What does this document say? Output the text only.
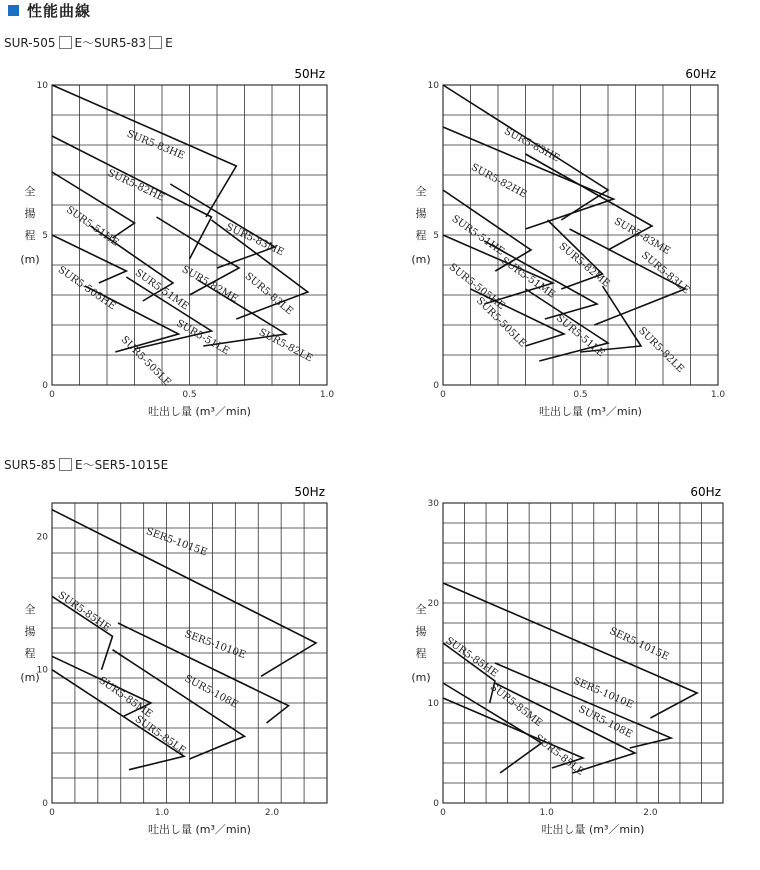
性能曲線
SUR-505 E～SUR5-83 E
SUR5-85 E～SER5-1015E
50Hz
0	0.5	1.0
0
5
10
全
揚
程
(m)
吐出し量 (m³／min)
SUR5-83HE
SUR5-82HE
SUR5-51HE
SUR5-505HE
SUR5-83ME
SUR5-82ME
SUR5-51ME	SUR5-83LE
SUR5-82LE
SUR5-51LE
SUR5-505LE
60Hz
0	0.5	1.0
0
5
10
全
揚
程
(m)
吐出し量 (m³／min)
SUR5-83HE
SUR5-82HE
SUR5-51HE
SUR5-505HE
SUR5-83ME
SUR5-82ME
SUR5-51ME	SUR5-83LE
SUR5-82LE
SUR5-51LE
SUR5-505LE
50Hz
0	1.0	2.0
0
10
20
全
揚
程
(m)
吐出し量 (m³／min)
SER5-1015E
SUR5-85HE
SER5-1010E
SUR5-108E
SUR5-85ME
SUR5-85LE
60Hz
0	1.0	2.0
0
10
20
30
全
揚
程
(m)
吐出し量 (m³／min)
SER5-1015E
SUR5-85HE
SER5-1010E
SUR5-108E
SUR5-85ME
SUR5-85LE
